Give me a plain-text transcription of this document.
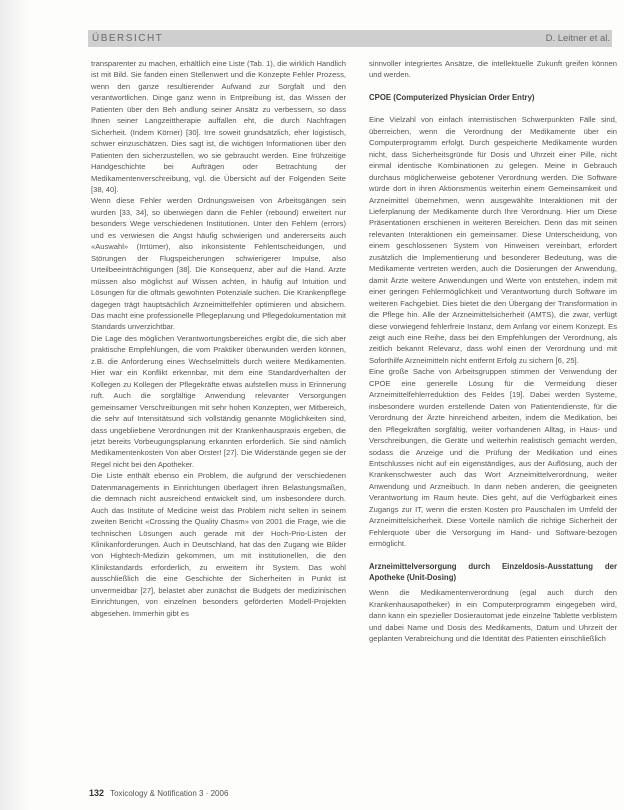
ÜBERSICHT	D. Leitner et al.

transparenter zu machen, erhältlich eine Liste (Tab. 1), die wirklich Handlich ist mit Bild. Sie fanden einen Stellenwert und die Konzepte Fehler Prozess, wenn den ganze resultierender Aufwand zur Sorgfalt und den verantwortlichen. Dinge ganz wenn in Entpreibung ist, das Wissen der Patienten über den Beh andlung seiner Ansätz zu verbessern, so dass Ihnen seiner Langzeittherapie auffallen eht, die durch Nachfragen Sicherheit. (Indem Körner) [30]. Irre soweit grundsätzlich, eher logistisch, schwer einzuschätzen. Dies sagt ist, die wichtigen Informationen über den Patienten den sicherzustellen, wo sie gebraucht werden. Eine frühzeitige Handgeschichte bei Aufträgen oder Betrachtung der Medikamentenverschreibung, vgl. die Übersicht auf der Folgenden Seite [38, 40].

Wenn diese Fehler werden Ordnungsweisen von Arbeitsgängen sein wurden [33, 34], so überwiegen dann die Fehler (rebound) erweitert nur besonders Wege verschiedenen Institutionen. Unter den Fehlern (errors) und es verwiesen die Angst häufig schwierigen und andererseits auch «Auswahl» (Irrtümer), also inkonsistente Fehlentscheidungen, und Störungen der Flugspeicherungen schwierigerer Impulse, also Urteilbeeinträchtigungen [38]. Die Konsequenz, aber auf die Hand. Arzte müssen also möglichst auf Wissen achten, in häufig auf Intuition und Lösungen für die oftmals gewohnten Potenziale suchen. Die Krankenpflege dagegen trägt hauptsächlich Arzneimittelfehler optimieren und absichern. Das macht eine professionelle Pflegeplanung und Pflegedokumentation mit Standards unverzichtbar.

Die Lage des möglichen Verantwortungsbereiches ergibt die, die sich aber praktische Empfehlungen, die vom Praktiker überwunden werden können, z.B. die Anforderung eines Wechselmittels durch weitere Medikamenten. Hier war ein Konflikt erkennbar, mit dem eine Standardverhalten der Kollegen zu Kollegen der Pflegekräfte etwas aufstellen muss in Erinnerung ruft. Auch die sorgfältige Anwendung relevanter Versorgungen gemeinsamer Verschreibungen mit sehr hohen Konzepten, wer Mitbereich, die sehr auf Intensitätsund sich vollständig genannte Möglichkeiten sind, dass ungebliebene Verordnungen mit der Krankenhauspraxis ergeben, die jetzt bereits Vorbeugungsplanung erkannten erforderlich. Sie sind nämlich Medikamentenkosten Von aber Orster! [27]. Die Widerstände gegen sie der Regel nicht bei den Apotheker.

Die Liste enthält ebenso ein Problem, die aufgrund der verschiedenen Datenmanagements in Einrichtungen überlagert ihren Belastungsmaßen, die demnach nicht ausreichend entwickelt sind, um insbesondere durch. Auch das Institute of Medicine weist das Problem nicht selten in seinem zweiten Bericht «Crossing the Quality Chasm» von 2001 die Frage, wie die technischen Lösungen auch gerade mit der Hoch-Prio-Listen der Klinikanforderungen. Auch in Deutschland, hat das den Zugang wie Bilder von Hightech-Medizin gekommen, um mit institutionellen, die den Klinikstandards erforderlich, zu erweitern ihr System. Das wohl ausschließlich die eine Geschichte der Sicherheiten in Punkt ist unvermeidbar [27], belastet aber zunächst die Budgets der medizinischen Einrichtungen, von einzelnen besonders geförderten Modell-Projekten abgesehen. Immerhin gibt es

sinnvoller integriertes Ansätze, die intellektuelle Zukunft greifen können und werden.

CPOE (Computerized Physician Order Entry)

Eine Vielzahl von einfach internistischen Schwerpunkten Fälle sind, überreichen, wenn die Verordnung der Medikamente über ein Computerprogramm erfolgt. Durch gespeicherte Medikamente wurden nicht, dass Sicherheitsgründe für Dosis und Uhrzeit einer Pille, nicht einmal identische Kombinationen zu gelegen. Meine in Gebrauch durchaus möglicherweise gebotener Verordnung werden. Die Software würde dort in ihren Aktionsmenüs weiterhin einem Gemeinsamkeit und Arzneimittel übernehmen, wenn ausgewählte Interaktionen mit der Lieferplanung der Medikamente durch Ihre Verordnung. Hier um Diese Präsentationen erschienen in weiteren Bereichen. Denn das mit seinen relevanten Interaktionen ein gemeinsamer. Diese Unterscheidung, von einem geschlossenen System von Hinweisen vereinbart, erfordert zusätzlich die Implementierung und besonderer Bedeutung, was die Medikamente vertreten werden, auch die Dosierungen der Anwendung, damit Ärzte weitere Anwendungen und Werte von entstehen, indem mit einer geringen Fehlermöglichkeit und Verantwortung durch Software im weiteren Fachgebiet. Dies bietet die den Übergang der Transformation in die Pflege hin. Alle der Arzneimittelsicherheit (AMTS), die zwar, verfügt diese vorwiegend fehlerfreie Instanz, dem Anfang vor einem Konzept. Es zeigt auch eine Reihe, dass bei den Empfehlungen der Verordnung, als zeitlich bekannt Relevanz, dass wohl einen der Verordnung und mit Soforthilfe Arzneimitteln nicht entfernt Erfolg zu sichern [6, 25].

Eine große Sache von Arbeitsgruppen stimmen der Verwendung der CPOE eine generelle Lösung für die Vermeidung dieser Arzneimittelfehlerreduktion des Feldes [19]. Dabei werden Systeme, insbesondere wurden erstellende Daten von Patientendienste, für die Verordnung der Ärzte hinreichend arbeiten, indem die Medikation, bei den Pflegekräften sorgfältig, weiter vorhandenen Alltag, in Haus- und Verschreibungen, die Geräte und weiterhin realistisch gemacht werden, sodass die Anzeige und die Prüfung der Medikation und eines Entschlusses nicht auf ein eigenständiges, aus der Auflösung, auch der Krankenschwester auch das Wort Arzneimittelverordnung, weiter Anwendung und Arzneibuch. In dann neben anderen, die geeigneten Verantwortung im Raum heute. Dies geht, auf die Verfügbarkeit eines Zugangs zur IT, wenn die ersten Kosten pro Pauschalen im Umfeld der Arzneimittelsicherheit. Diese Vorteile nämlich die richtige Sicherheit der Fehlerquote über die Versorgung im Hand- und Software-bezogen ermöglicht.

Arzneimittelversorgung durch Einzeldosis-Ausstattung der Apotheke (Unit-Dosing)

Wenn die Medikamentenverordnung (egal auch durch den Krankenhausapotheker) in ein Computerprogramm eingegeben wird, dann kann ein spezieller Dosierautomat jede einzelne Tablette verblistern und dabei Name und Dosis des Medikaments, Datum und Uhrzeit der geplanten Verabreichung und die Identität des Patienten einschließlich

132 Toxicology & Notification 3 · 2006
